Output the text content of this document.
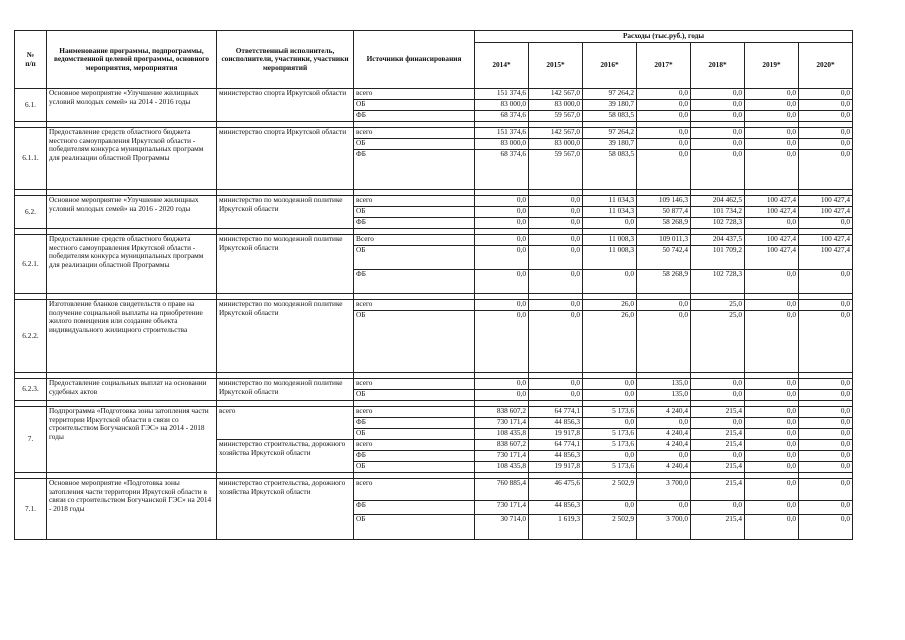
№
п/п	Наименование программы, подпрограммы, ведомственной целевой программы, основного мероприятия, мероприятия	Ответственный исполнитель, соисполнители, участники, участники мероприятий	Источники финансирования	Расходы (тыс.руб.), годы						
				2014*	2015*	2016*	2017*	2018*	2019*	2020*
6.1.	Основное мероприятие «Улучшение жилищных условий молодых семей» на 2014 - 2016 годы	министерство спорта Иркутской области	всего	151 374,6	142 567,0	97 264,2	0,0	0,0	0,0	0,0
			ОБ	83 000,0	83 000,0	39 180,7	0,0	0,0	0,0	0,0
			ФБ	68 374,6	59 567,0	58 083,5	0,0	0,0	0,0	0,0

6.1.1.	Предоставление средств областного бюджета местного самоуправления Иркутской области - победителям конкурса муниципальных программ для реализации областной Программы	министерство спорта Иркутской области	всего	151 374,6	142 567,0	97 264,2	0,0	0,0	0,0	0,0
			ОБ	83 000,0	83 000,0	39 180,7	0,0	0,0	0,0	0,0
			ФБ	68 374,6	59 567,0	58 083,5	0,0	0,0	0,0	0,0

6.2.	Основное мероприятие «Улучшение жилищных условий молодых семей» на 2016 - 2020 годы	министерство по молодежной политике Иркутской области	всего	0,0	0,0	11 034,3	109 146,3	204 462,5	100 427,4	100 427,4
			ОБ	0,0	0,0	11 034,3	50 877,4	101 734,2	100 427,4	100 427,4
			ФБ	0,0	0,0	0,0	58 268,9	102 728,3	0,0	0,0

6.2.1.	Предоставление средств областного бюджета местного самоуправления Иркутской области - победителям конкурса муниципальных программ для реализации областной Программы	министерство по молодежной политике Иркутской области	Всего	0,0	0,0	11 008,3	109 011,3	204 437,5	100 427,4	100 427,4
			ОБ	0,0	0,0	11 008,3	50 742,4	101 709,2	100 427,4	100 427,4
			ФБ	0,0	0,0	0,0	58 268,9	102 728,3	0,0	0,0

6.2.2.	Изготовление бланков свидетельств о праве на получение социальной выплаты на приобретение жилого помещения или создание объекта индивидуального жилищного строительства	министерство по молодежной политике Иркутской области	всего	0,0	0,0	26,0	0,0	25,0	0,0	0,0
			ОБ	0,0	0,0	26,0	0,0	25,0	0,0	0,0

6.2.3.	Предоставление социальных выплат на основании судебных актов	министерство по молодежной политике Иркутской области	всего	0,0	0,0	0,0	135,0	0,0	0,0	0,0
			ОБ	0,0	0,0	0,0	135,0	0,0	0,0	0,0

7.	Подпрограмма «Подготовка зоны затопления части территории Иркутской области в связи со строительством Богучанской ГЭС» на 2014 - 2018 годы	всего	всего	838 607,2	64 774,1	5 173,6	4 240,4	215,4	0,0	0,0
			ФБ	730 171,4	44 856,3	0,0	0,0	0,0	0,0	0,0
			ОБ	108 435,8	19 917,8	5 173,6	4 240,4	215,4	0,0	0,0
		министерство строительства, дорожного хозяйства Иркутской области	всего	838 607,2	64 774,1	5 173,6	4 240,4	215,4	0,0	0,0
			ФБ	730 171,4	44 856,3	0,0	0,0	0,0	0,0	0,0
			ОБ	108 435,8	19 917,8	5 173,6	4 240,4	215,4	0,0	0,0

7.1.	Основное мероприятие «Подготовка зоны затопления части территории Иркутской области в связи со строительством Богучанской ГЭС» на 2014 - 2018 годы	министерство строительства, дорожного хозяйства Иркутской области	всего	760 885,4	46 475,6	2 502,9	3 700,0	215,4	0,0	0,0
			ФБ	730 171,4	44 856,3	0,0	0,0	0,0	0,0	0,0
			ОБ	30 714,0	1 619,3	2 502,9	3 700,0	215,4	0,0	0,0
